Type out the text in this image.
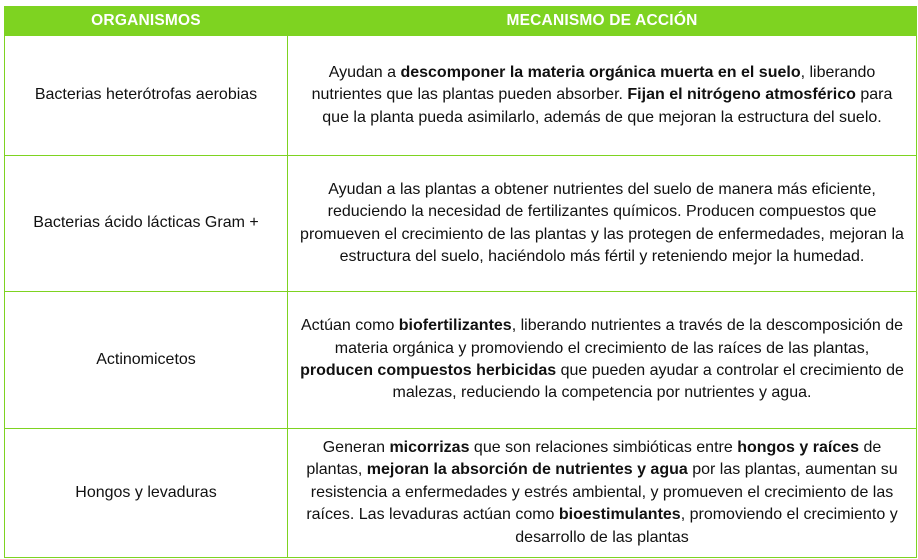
ORGANISMOS	MECANISMO DE ACCIÓN
Bacterias heterótrofas aerobias	Ayudan a descomponer la materia orgánica muerta en el suelo, liberando nutrientes que las plantas pueden absorber. Fijan el nitrógeno atmosférico para que la planta pueda asimilarlo, además de que mejoran la estructura del suelo.
Bacterias ácido lácticas Gram +	Ayudan a las plantas a obtener nutrientes del suelo de manera más eficiente, reduciendo la necesidad de fertilizantes químicos. Producen compuestos que promueven el crecimiento de las plantas y las protegen de enfermedades, mejoran la estructura del suelo, haciéndolo más fértil y reteniendo mejor la humedad.
Actinomicetos	Actúan como biofertilizantes, liberando nutrientes a través de la descomposición de materia orgánica y promoviendo el crecimiento de las raíces de las plantas, producen compuestos herbicidas que pueden ayudar a controlar el crecimiento de malezas, reduciendo la competencia por nutrientes y agua.
Hongos y levaduras	Generan micorrizas que son relaciones simbióticas entre hongos y raíces de plantas, mejoran la absorción de nutrientes y agua por las plantas, aumentan su resistencia a enfermedades y estrés ambiental, y promueven el crecimiento de las raíces. Las levaduras actúan como bioestimulantes, promoviendo el crecimiento y desarrollo de las plantas
